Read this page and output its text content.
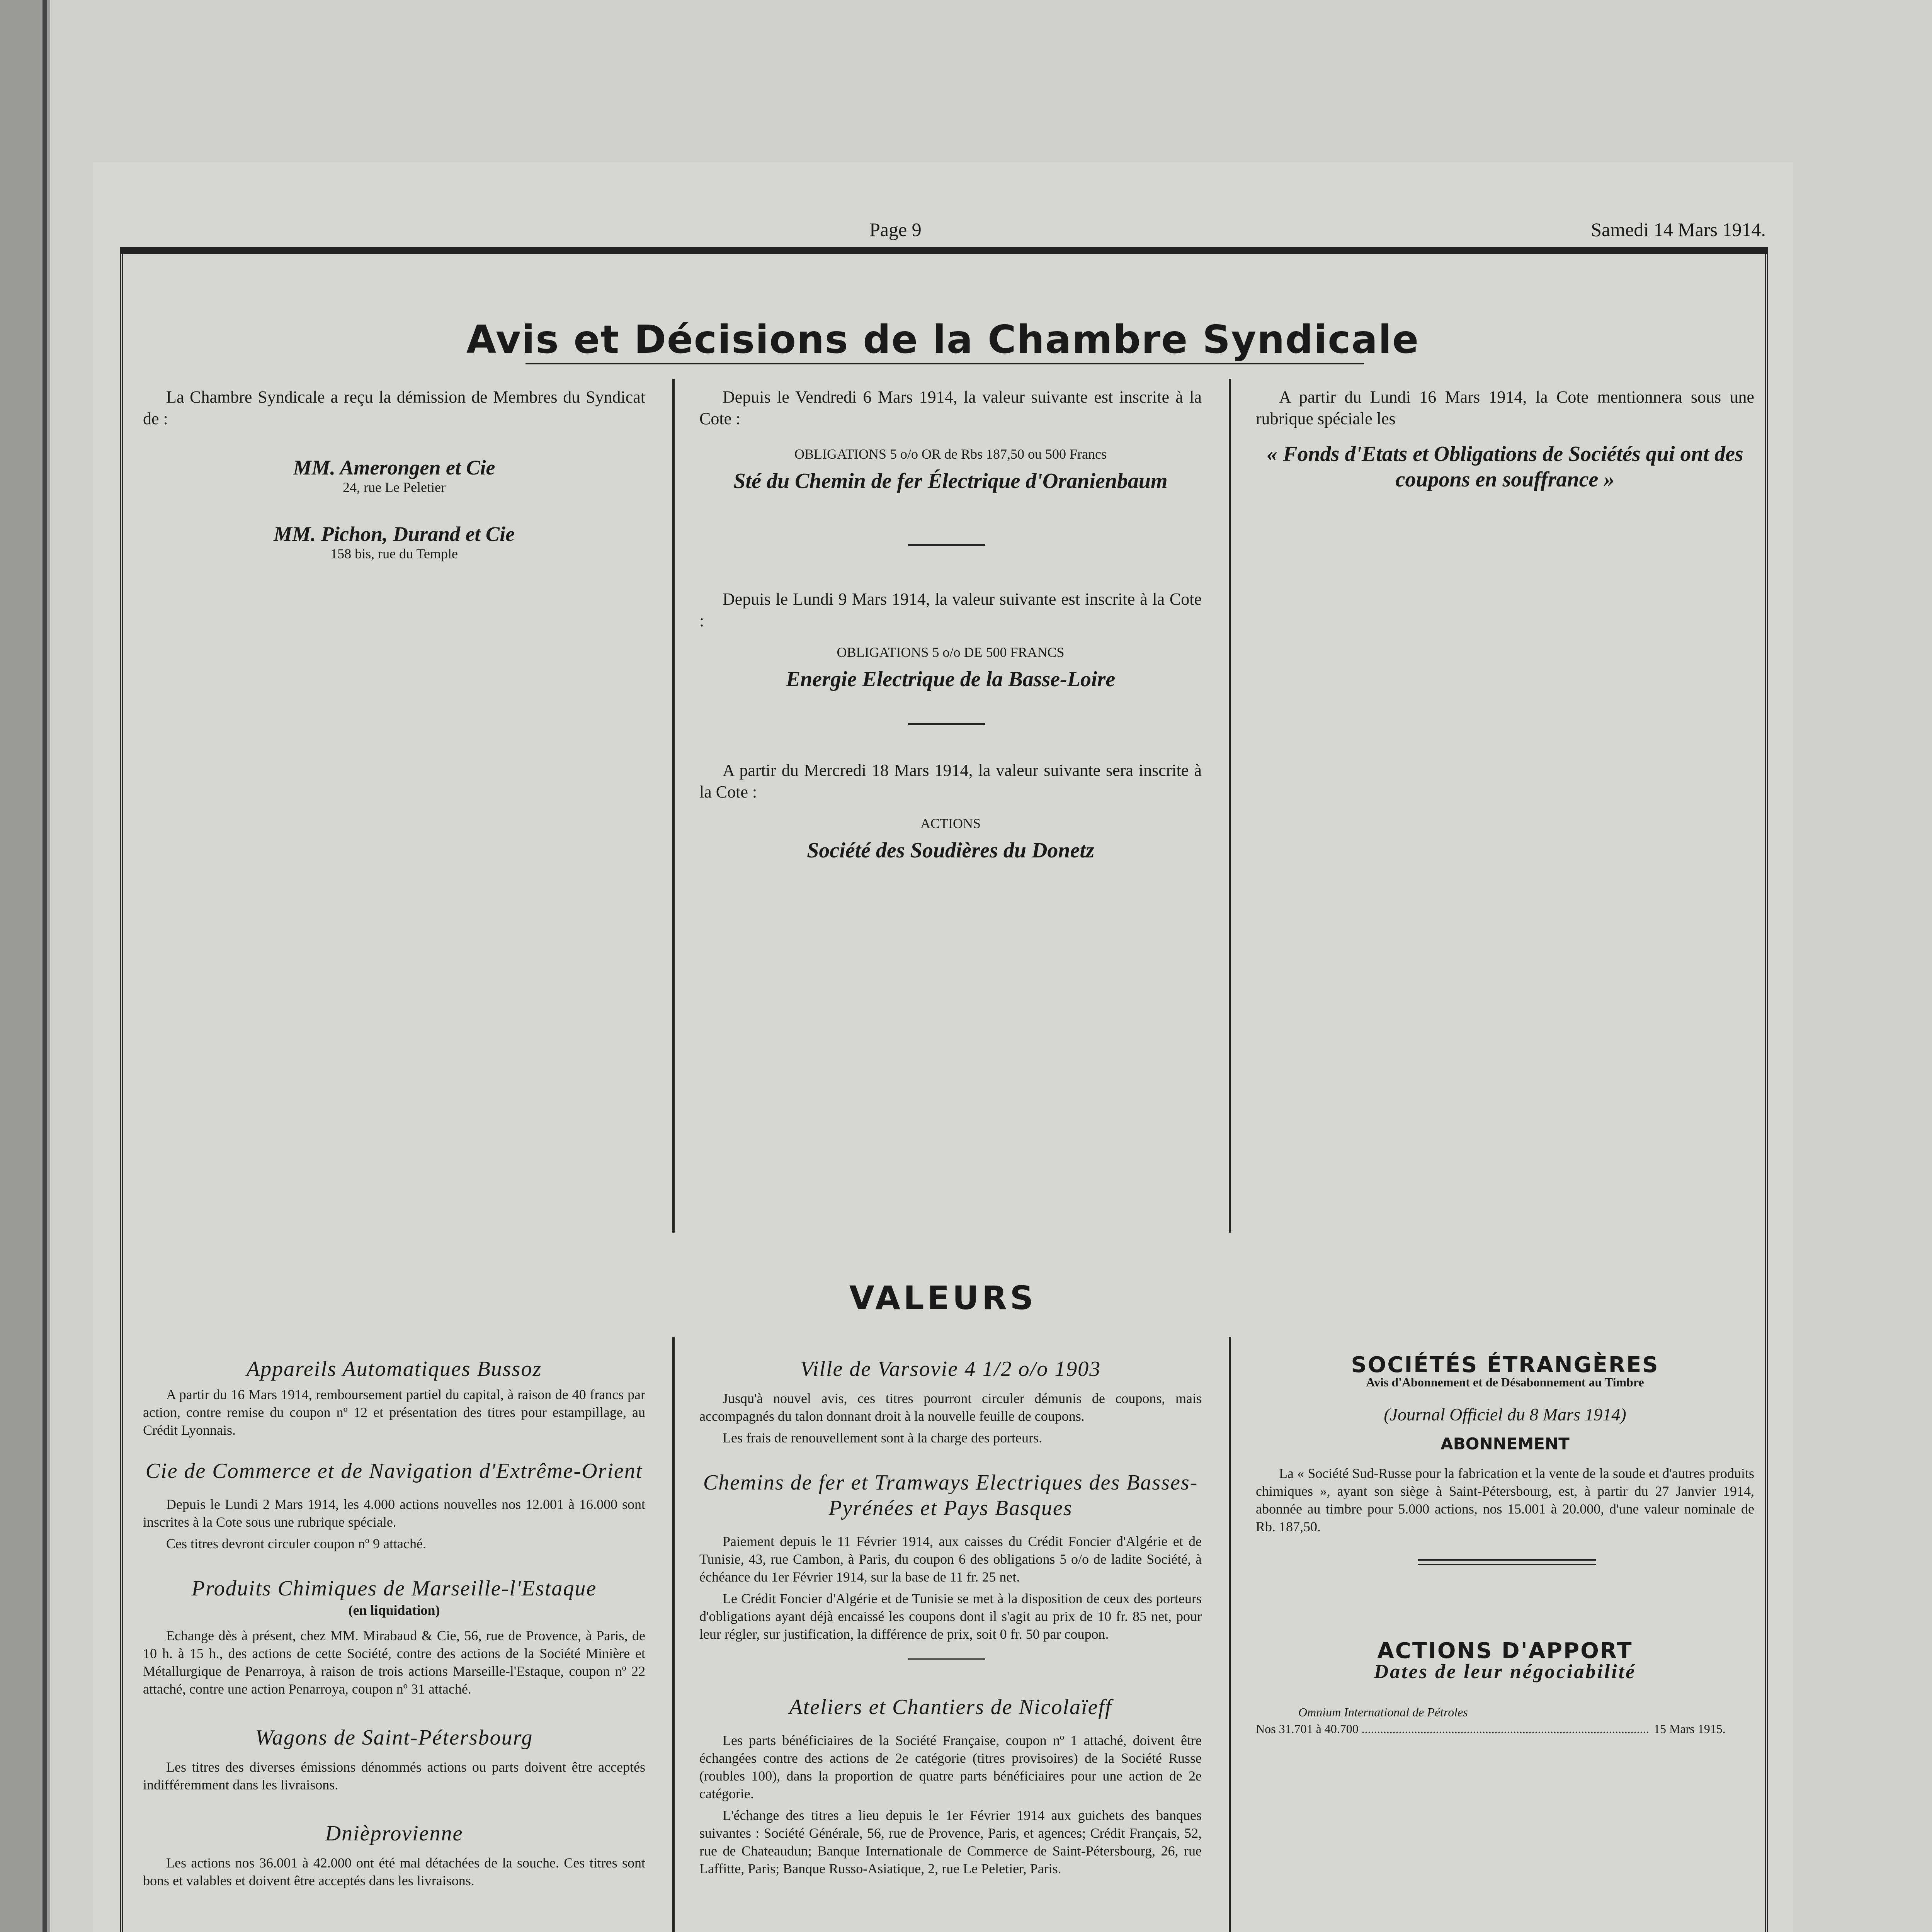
Page 9	Samedi 14 Mars 1914.
Avis et Décisions de la Chambre Syndicale
La Chambre Syndicale a reçu la démission de Membres du Syndicat de :
MM. Amerongen et Cie
24, rue Le Peletier
MM. Pichon, Durand et Cie
158 bis, rue du Temple
Depuis le Vendredi 6 Mars 1914, la valeur suivante est inscrite à la Cote :
OBLIGATIONS 5 o/o OR de Rbs 187,50 ou 500 Francs
Sté du Chemin de fer Électrique d'Oranienbaum
Depuis le Lundi 9 Mars 1914, la valeur suivante est inscrite à la Cote :
OBLIGATIONS 5 o/o DE 500 FRANCS
Energie Electrique de la Basse-Loire
A partir du Mercredi 18 Mars 1914, la valeur suivante sera inscrite à la Cote :
ACTIONS
Société des Soudières du Donetz
A partir du Lundi 16 Mars 1914, la Cote mentionnera sous une rubrique spéciale les
« Fonds d'Etats et Obligations de Sociétés qui ont des coupons en souffrance »
VALEURS
Appareils Automatiques Bussoz
A partir du 16 Mars 1914, remboursement partiel du capital, à raison de 40 francs par action, contre remise du coupon nº 12 et présentation des titres pour estampillage, au Crédit Lyonnais.
Cie de Commerce et de Navigation d'Extrême-Orient
Depuis le Lundi 2 Mars 1914, les 4.000 actions nouvelles nos 12.001 à 16.000 sont inscrites à la Cote sous une rubrique spéciale.
Ces titres devront circuler coupon nº 9 attaché.
Produits Chimiques de Marseille-l'Estaque
(en liquidation)
Echange dès à présent, chez MM. Mirabaud & Cie, 56, rue de Provence, à Paris, de 10 h. à 15 h., des actions de cette Société, contre des actions de la Société Minière et Métallurgique de Penarroya, à raison de trois actions Marseille-l'Estaque, coupon nº 22 attaché, contre une action Penarroya, coupon nº 31 attaché.
Wagons de Saint-Pétersbourg
Les titres des diverses émissions dénommés actions ou parts doivent être acceptés indifféremment dans les livraisons.
Dnièprovienne
Les actions nos 36.001 à 42.000 ont été mal détachées de la souche. Ces titres sont bons et valables et doivent être acceptés dans les livraisons.
Ville de Varsovie 4 1/2 o/o 1903
Jusqu'à nouvel avis, ces titres pourront circuler démunis de coupons, mais accompagnés du talon donnant droit à la nouvelle feuille de coupons.
Les frais de renouvellement sont à la charge des porteurs.
Chemins de fer et Tramways Electriques des Basses-Pyrénées et Pays Basques
Paiement depuis le 11 Février 1914, aux caisses du Crédit Foncier d'Algérie et de Tunisie, 43, rue Cambon, à Paris, du coupon 6 des obligations 5 o/o de ladite Société, à échéance du 1er Février 1914, sur la base de 11 fr. 25 net.
Le Crédit Foncier d'Algérie et de Tunisie se met à la disposition de ceux des porteurs d'obligations ayant déjà encaissé les coupons dont il s'agit au prix de 10 fr. 85 net, pour leur régler, sur justification, la différence de prix, soit 0 fr. 50 par coupon.
Ateliers et Chantiers de Nicolaïeff
Les parts bénéficiaires de la Société Française, coupon nº 1 attaché, doivent être échangées contre des actions de 2e catégorie (titres provisoires) de la Société Russe (roubles 100), dans la proportion de quatre parts bénéficiaires pour une action de 2e catégorie.
L'échange des titres a lieu depuis le 1er Février 1914 aux guichets des banques suivantes : Société Générale, 56, rue de Provence, Paris, et agences; Crédit Français, 52, rue de Chateaudun; Banque Internationale de Commerce de Saint-Pétersbourg, 26, rue Laffitte, Paris; Banque Russo-Asiatique, 2, rue Le Peletier, Paris.
SOCIÉTÉS ÉTRANGÈRES
Avis d'Abonnement et de Désabonnement au Timbre
(Journal Officiel du 8 Mars 1914)
ABONNEMENT
La « Société Sud-Russe pour la fabrication et la vente de la soude et d'autres produits chimiques », ayant son siège à Saint-Pétersbourg, est, à partir du 27 Janvier 1914, abonnée au timbre pour 5.000 actions, nos 15.001 à 20.000, d'une valeur nominale de Rb. 187,50.
ACTIONS D'APPORT
Dates de leur négociabilité
Omnium International de Pétroles
Nos 31.701 à 40.700 .....	15 Mars 1915.
